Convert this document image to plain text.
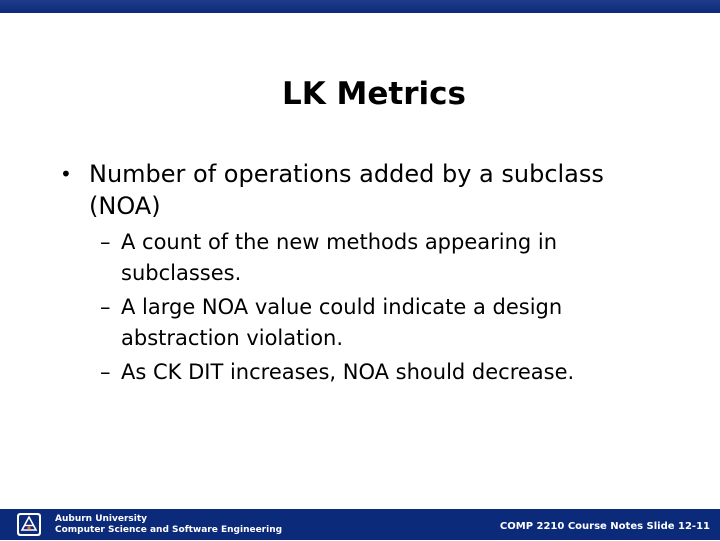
LK Metrics
• Number of operations added by a subclass (NOA)
– A count of the new methods appearing in subclasses.
– A large NOA value could indicate a design abstraction violation.
– As CK DIT increases, NOA should decrease.
Auburn University
Computer Science and Software Engineering	COMP 2210 Course Notes Slide 12-11
